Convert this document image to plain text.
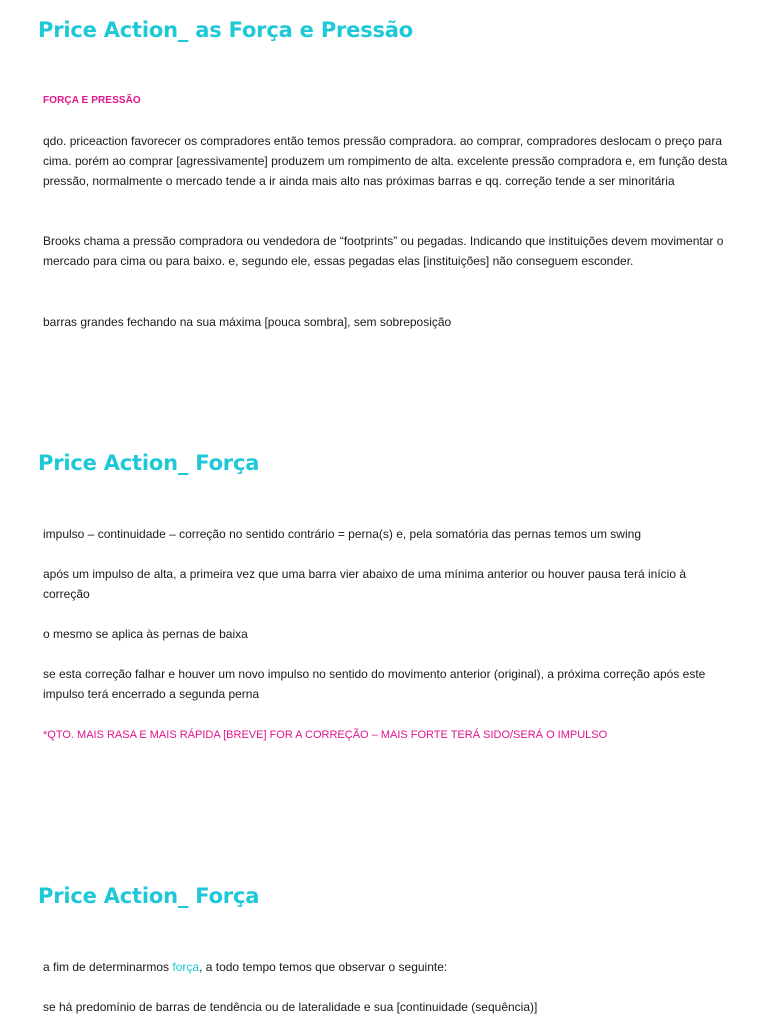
Price Action_ as Força e Pressão

FORÇA E PRESSÃO

qdo. priceaction favorecer os compradores então temos pressão compradora. ao comprar, compradores deslocam o preço para cima. porém ao comprar [agressivamente] produzem um rompimento de alta. excelente pressão compradora e, em função desta pressão, normalmente o mercado tende a ir ainda mais alto nas próximas barras e qq. correção tende a ser minoritária

Brooks chama a pressão compradora ou vendedora de “footprints” ou pegadas. Indicando que instituições devem movimentar o mercado para cima ou para baixo. e, segundo ele, essas pegadas elas [instituições] não conseguem esconder.

barras grandes fechando na sua máxima [pouca sombra], sem sobreposição

Price Action_ Força

impulso – continuidade – correção no sentido contrário = perna(s) e, pela somatória das pernas temos um swing

após um impulso de alta, a primeira vez que uma barra vier abaixo de uma mínima anterior ou houver pausa terá início à correção

o mesmo se aplica às pernas de baixa

se esta correção falhar e houver um novo impulso no sentido do movimento anterior (original), a próxima correção após este impulso terá encerrado a segunda perna

*QTO. MAIS RASA E MAIS RÁPIDA [BREVE] FOR A CORREÇÃO – MAIS FORTE TERÁ SIDO/SERÁ O IMPULSO

Price Action_ Força

a fim de determinarmos força, a todo tempo temos que observar o seguinte:

se há predomínio de barras de tendência ou de lateralidade e sua [continuidade (sequência)]
